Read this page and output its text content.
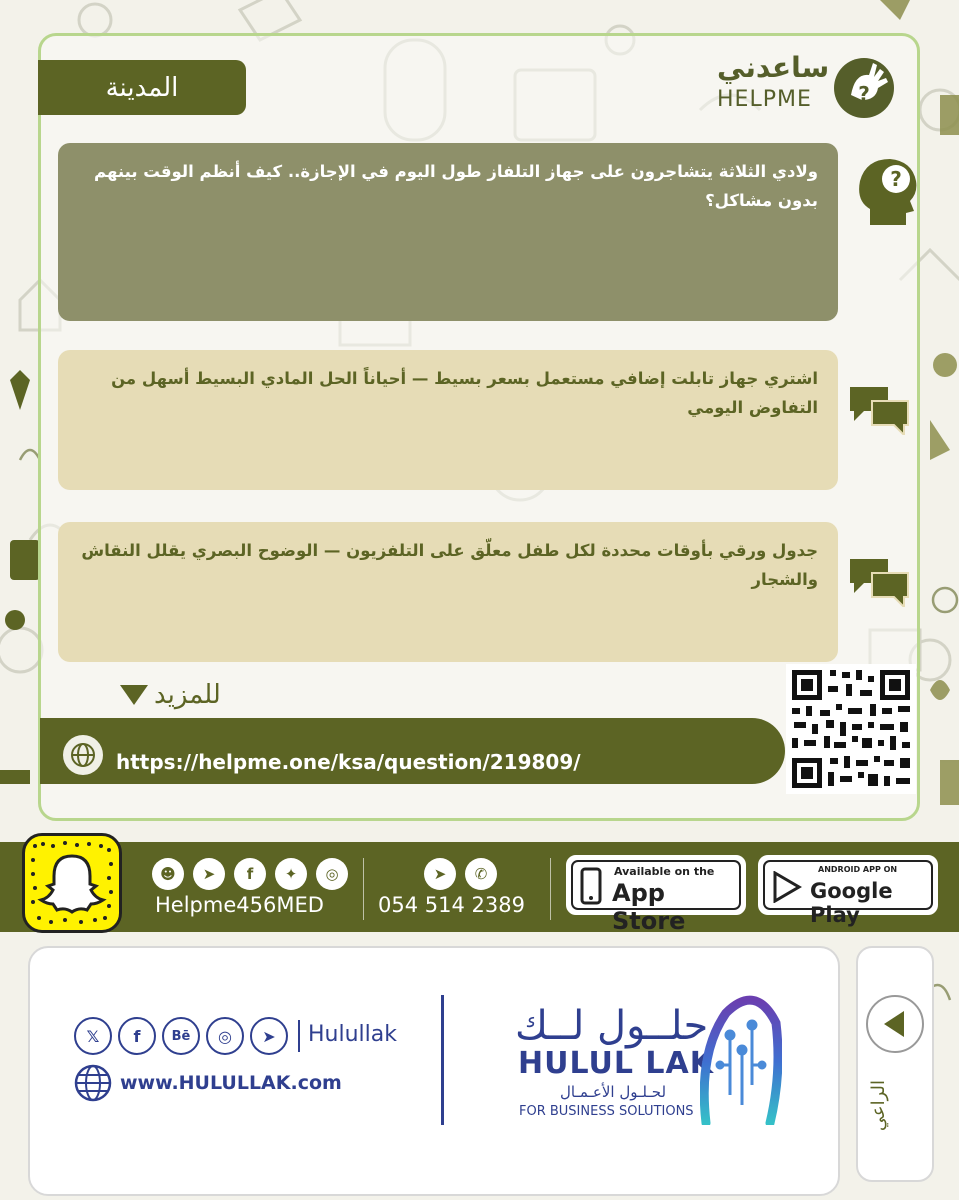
المدينة
ساعدني
HELPME ?
ولادي الثلاثة يتشاجرون على جهاز التلفاز طول اليوم في الإجازة.. كيف أنظم الوقت بينهم بدون مشاكل؟
?
اشتري جهاز تابلت إضافي مستعمل بسعر بسيط — أحياناً الحل المادي البسيط أسهل من التفاوض اليومي
جدول ورقي بأوقات محددة لكل طفل معلّق على التلفزيون — الوضوح البصري يقلل النقاش والشجار
للمزيد
https://helpme.one/ksa/question/219809/
☻	➤	f	✦	◎
Helpme456MED
➤	✆
054 514 2389
Available on the
App Store
ANDROID APP ON
Google Play
𝕏	f	Bē	◎	➤	Hulullak
www.HULULLAK.com
حلــول لــك
HULUL LAK
لحـلـول الأعـمـال
FOR BUSINESS SOLUTIONS	الراعي
